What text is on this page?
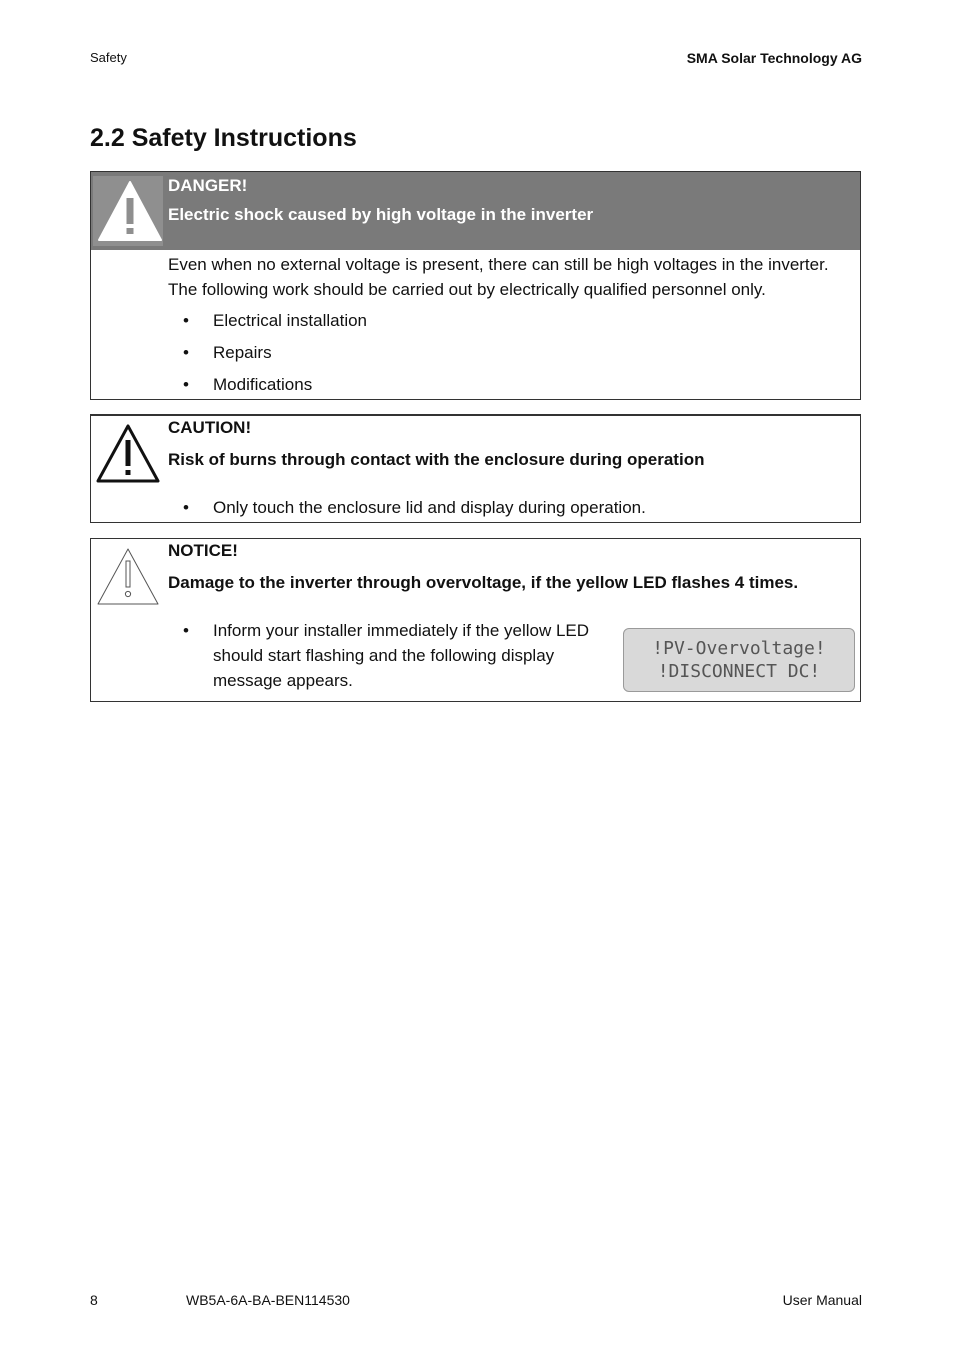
Safety	SMA Solar Technology AG
2.2 Safety Instructions
DANGER!
Electric shock caused by high voltage in the inverter
Even when no external voltage is present, there can still be high voltages in the inverter.
The following work should be carried out by electrically qualified personnel only.
• Electrical installation
• Repairs
• Modifications
CAUTION!
Risk of burns through contact with the enclosure during operation
• Only touch the enclosure lid and display during operation.
NOTICE!
Damage to the inverter through overvoltage, if the yellow LED flashes 4 times.
• Inform your installer immediately if the yellow LED
should start flashing and the following display
message appears.
!PV-Overvoltage!
!DISCONNECT DC!
8	WB5A-6A-BA-BEN114530	User Manual
